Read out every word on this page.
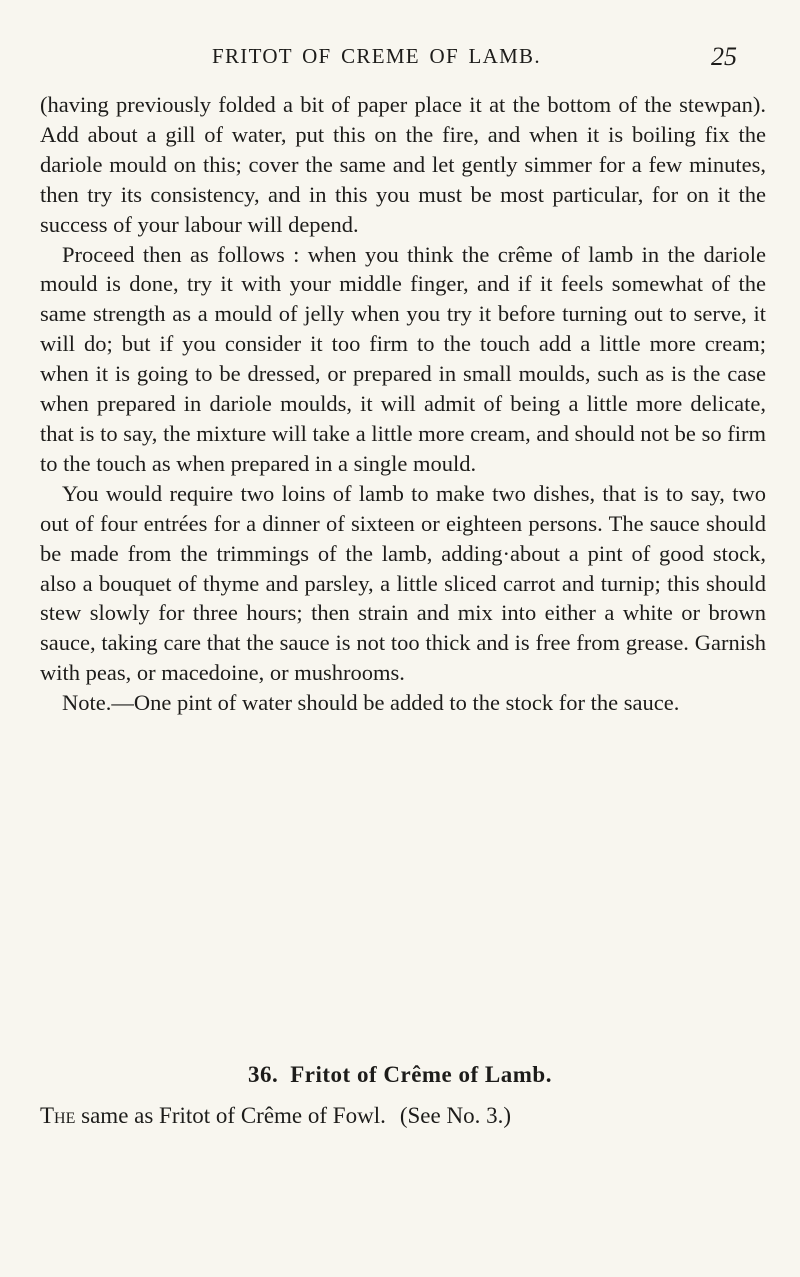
FRITOT OF CREME OF LAMB.	25

(having previously folded a bit of paper place it at the bottom of the stewpan). Add about a gill of water, put this on the fire, and when it is boiling fix the dariole mould on this; cover the same and let gently simmer for a few minutes, then try its consistency, and in this you must be most particular, for on it the success of your labour will depend.

Proceed then as follows : when you think the crême of lamb in the dariole mould is done, try it with your middle finger, and if it feels somewhat of the same strength as a mould of jelly when you try it before turning out to serve, it will do; but if you consider it too firm to the touch add a little more cream; when it is going to be dressed, or prepared in small moulds, such as is the case when prepared in dariole moulds, it will admit of being a little more delicate, that is to say, the mixture will take a little more cream, and should not be so firm to the touch as when prepared in a single mould.

You would require two loins of lamb to make two dishes, that is to say, two out of four entrées for a dinner of sixteen or eighteen persons. The sauce should be made from the trimmings of the lamb, adding·about a pint of good stock, also a bouquet of thyme and parsley, a little sliced carrot and turnip; this should stew slowly for three hours; then strain and mix into either a white or brown sauce, taking care that the sauce is not too thick and is free from grease. Garnish with peas, or macedoine, or mushrooms.

Note.—One pint of water should be added to the stock for the sauce.

36. Fritot of Crême of Lamb.
The same as Fritot of Crême of Fowl. (See No. 3.)
